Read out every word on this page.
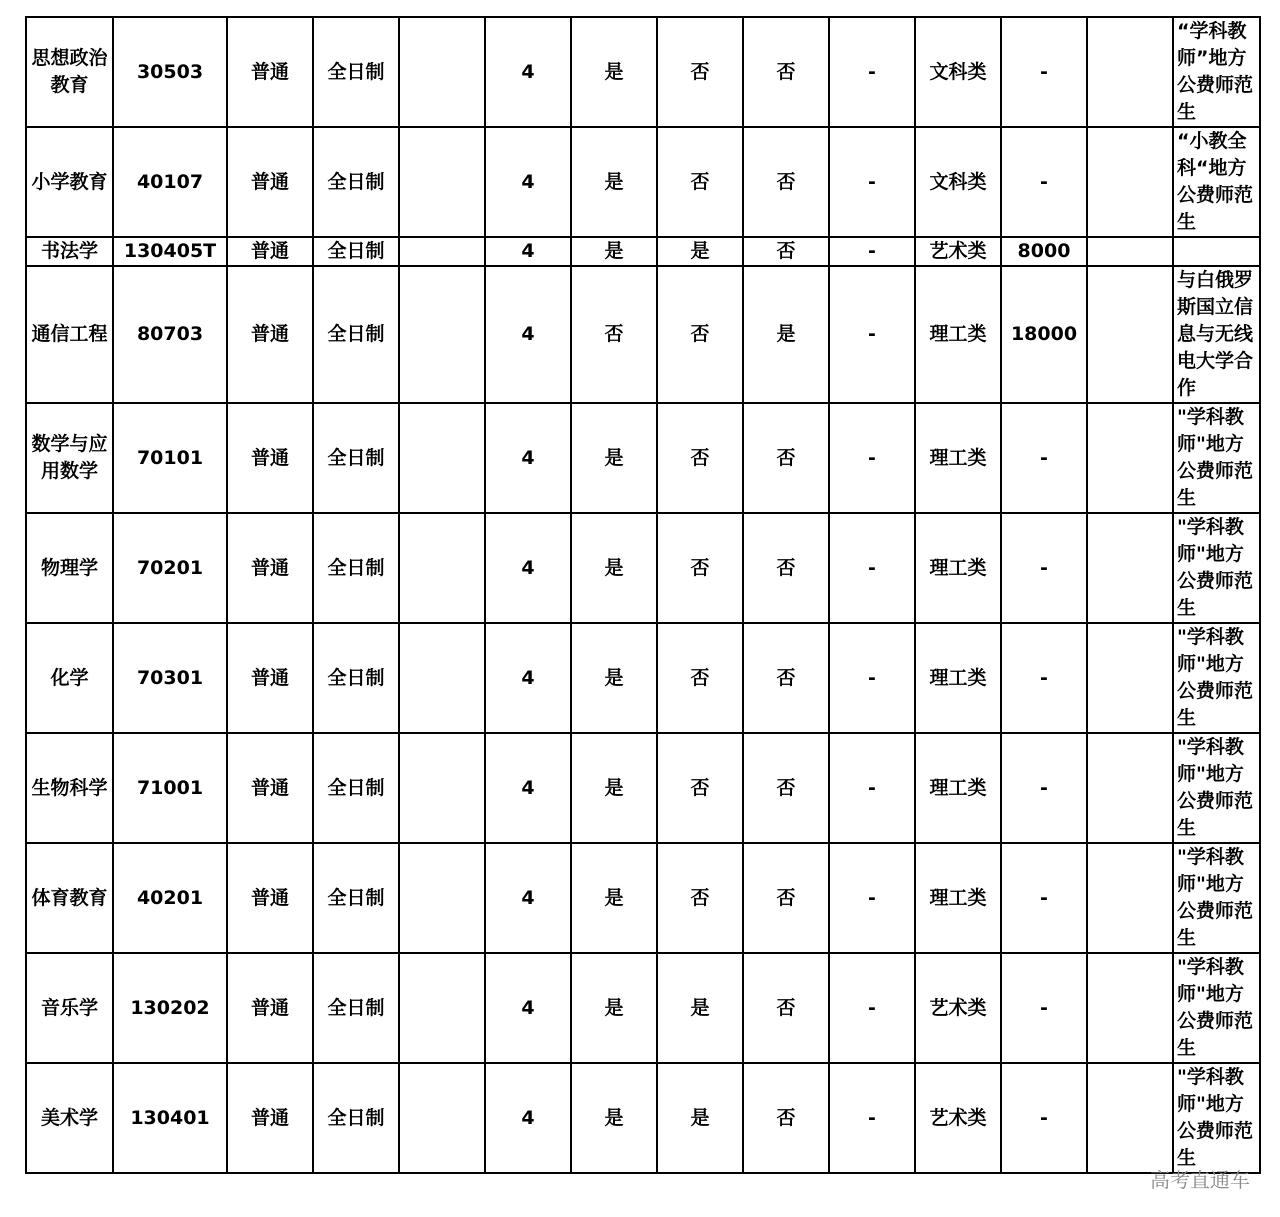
思想政治教育	30503	普通	全日制		4	是	否	否	-	文科类	-		“学科教师”地方公费师范生
小学教育	40107	普通	全日制		4	是	否	否	-	文科类	-		“小教全科“地方公费师范生
书法学	130405T	普通	全日制		4	是	是	否	-	艺术类	8000		
通信工程	80703	普通	全日制		4	否	否	是	-	理工类	18000		与白俄罗斯国立信息与无线电大学合作
数学与应用数学	70101	普通	全日制		4	是	否	否	-	理工类	-		"学科教师"地方公费师范生
物理学	70201	普通	全日制		4	是	否	否	-	理工类	-		"学科教师"地方公费师范生
化学	70301	普通	全日制		4	是	否	否	-	理工类	-		"学科教师"地方公费师范生
生物科学	71001	普通	全日制		4	是	否	否	-	理工类	-		"学科教师"地方公费师范生
体育教育	40201	普通	全日制		4	是	否	否	-	理工类	-		"学科教师"地方公费师范生
音乐学	130202	普通	全日制		4	是	是	否	-	艺术类	-		"学科教师"地方公费师范生
美术学	130401	普通	全日制		4	是	是	否	-	艺术类	-		"学科教师"地方公费师范生
高考直通车
